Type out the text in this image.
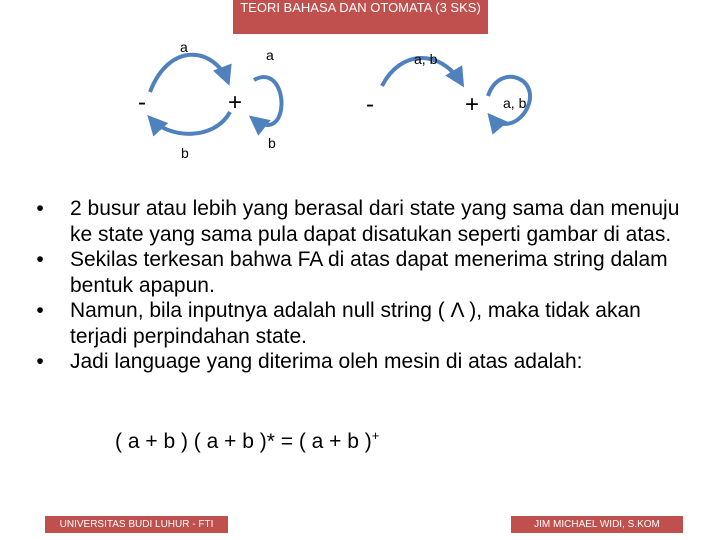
TEORI BAHASA DAN OTOMATA (3 SKS)
-	+
a
b
a
b
-	+
a, b
a, b
•	2 busur atau lebih yang berasal dari state yang sama dan menuju ke state yang sama pula dapat disatukan seperti gambar di atas.
•	Sekilas terkesan bahwa FA di atas dapat menerima string dalam bentuk apapun.
•	Namun, bila inputnya adalah null string ( Λ ), maka tidak akan terjadi perpindahan state.
•	Jadi language yang diterima oleh mesin di atas adalah:
( a + b ) ( a + b )* = ( a + b )+
UNIVERSITAS BUDI LUHUR - FTI	JIM MICHAEL WIDI, S.KOM
